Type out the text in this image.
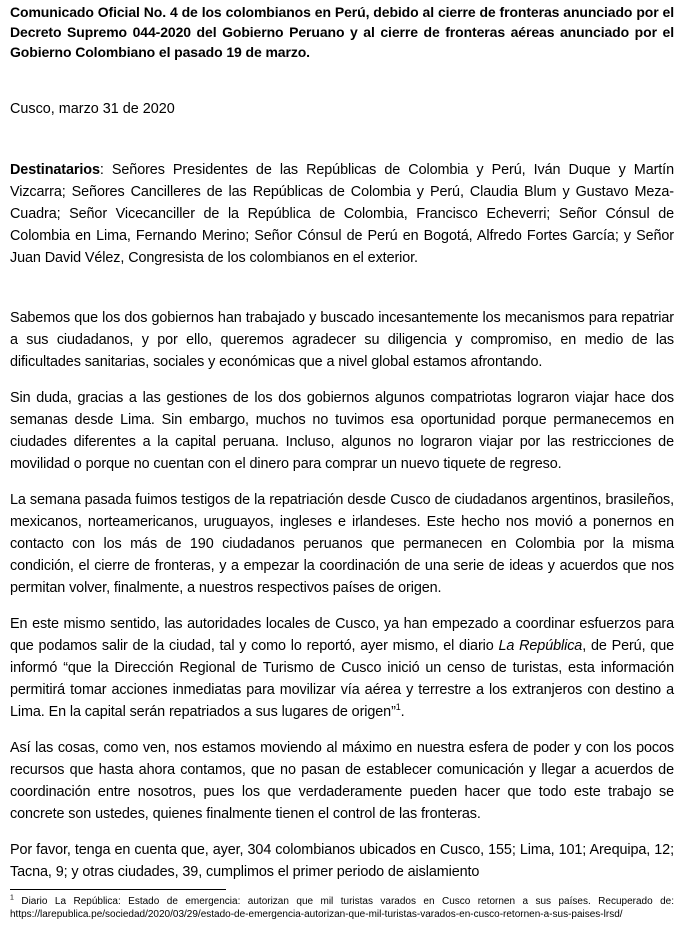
Comunicado Oficial No. 4 de los colombianos en Perú, debido al cierre de fronteras anunciado por el Decreto Supremo 044-2020 del Gobierno Peruano y al cierre de fronteras aéreas anunciado por el Gobierno Colombiano el pasado 19 de marzo.

Cusco, marzo 31 de 2020

Destinatarios: Señores Presidentes de las Repúblicas de Colombia y Perú, Iván Duque y Martín Vizcarra; Señores Cancilleres de las Repúblicas de Colombia y Perú, Claudia Blum y Gustavo Meza-Cuadra; Señor Vicecanciller de la República de Colombia, Francisco Echeverri; Señor Cónsul de Colombia en Lima, Fernando Merino; Señor Cónsul de Perú en Bogotá, Alfredo Fortes García; y Señor Juan David Vélez, Congresista de los colombianos en el exterior.

Sabemos que los dos gobiernos han trabajado y buscado incesantemente los mecanismos para repatriar a sus ciudadanos, y por ello, queremos agradecer su diligencia y compromiso, en medio de las dificultades sanitarias, sociales y económicas que a nivel global estamos afrontando.

Sin duda, gracias a las gestiones de los dos gobiernos algunos compatriotas lograron viajar hace dos semanas desde Lima. Sin embargo, muchos no tuvimos esa oportunidad porque permanecemos en ciudades diferentes a la capital peruana. Incluso, algunos no lograron viajar por las restricciones de movilidad o porque no cuentan con el dinero para comprar un nuevo tiquete de regreso.

La semana pasada fuimos testigos de la repatriación desde Cusco de ciudadanos argentinos, brasileños, mexicanos, norteamericanos, uruguayos, ingleses e irlandeses. Este hecho nos movió a ponernos en contacto con los más de 190 ciudadanos peruanos que permanecen en Colombia por la misma condición, el cierre de fronteras, y a empezar la coordinación de una serie de ideas y acuerdos que nos permitan volver, finalmente, a nuestros respectivos países de origen.

En este mismo sentido, las autoridades locales de Cusco, ya han empezado a coordinar esfuerzos para que podamos salir de la ciudad, tal y como lo reportó, ayer mismo, el diario La República, de Perú, que informó “que la Dirección Regional de Turismo de Cusco inició un censo de turistas, esta información permitirá tomar acciones inmediatas para movilizar vía aérea y terrestre a los extranjeros con destino a Lima. En la capital serán repatriados a sus lugares de origen”$^1$.

Así las cosas, como ven, nos estamos moviendo al máximo en nuestra esfera de poder y con los pocos recursos que hasta ahora contamos, que no pasan de establecer comunicación y llegar a acuerdos de coordinación entre nosotros, pues los que verdaderamente pueden hacer que todo este trabajo se concrete son ustedes, quienes finalmente tienen el control de las fronteras.

Por favor, tenga en cuenta que, ayer, 304 colombianos ubicados en Cusco, 155; Lima, 101; Arequipa, 12; Tacna, 9; y otras ciudades, 39, cumplimos el primer periodo de aislamiento

$^1$ Diario La República: Estado de emergencia: autorizan que mil turistas varados en Cusco retornen a sus países. Recuperado de: https://larepublica.pe/sociedad/2020/03/29/estado-de-emergencia-autorizan-que-mil-turistas-varados-en-cusco-retornen-a-sus-paises-lrsd/
